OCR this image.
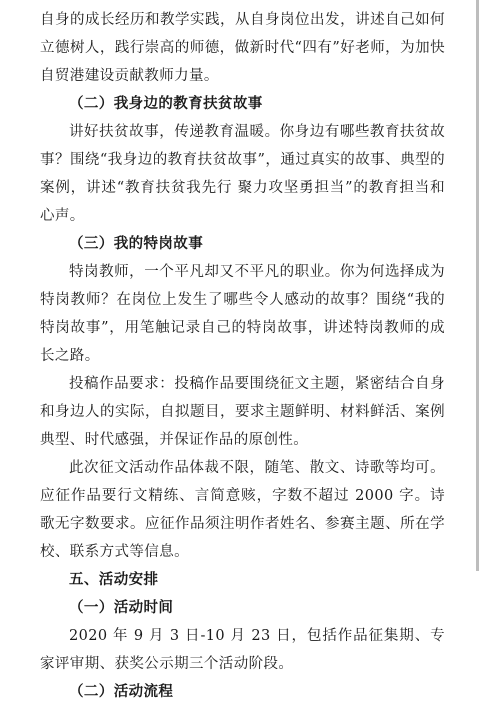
自身的成长经历和教学实践，从自身岗位出发，讲述自己如何立德树人，践行崇高的师德，做新时代“四有”好老师，为加快自贸港建设贡献教师力量。

（二）我身边的教育扶贫故事

讲好扶贫故事，传递教育温暖。你身边有哪些教育扶贫故事？围绕“我身边的教育扶贫故事”，通过真实的故事、典型的案例，讲述“教育扶贫我先行 聚力攻坚勇担当”的教育担当和心声。

（三）我的特岗故事

特岗教师，一个平凡却又不平凡的职业。你为何选择成为特岗教师？在岗位上发生了哪些令人感动的故事？围绕“我的特岗故事”，用笔触记录自己的特岗故事，讲述特岗教师的成长之路。

投稿作品要求：投稿作品要围绕征文主题，紧密结合自身和身边人的实际，自拟题目，要求主题鲜明、材料鲜活、案例典型、时代感强，并保证作品的原创性。

此次征文活动作品体裁不限，随笔、散文、诗歌等均可。应征作品要行文精练、言简意赅，字数不超过 2000 字。诗歌无字数要求。应征作品须注明作者姓名、参赛主题、所在学校、联系方式等信息。

五、活动安排

（一）活动时间

2020 年 9 月 3 日-10 月 23 日，包括作品征集期、专家评审期、获奖公示期三个活动阶段。

（二）活动流程
